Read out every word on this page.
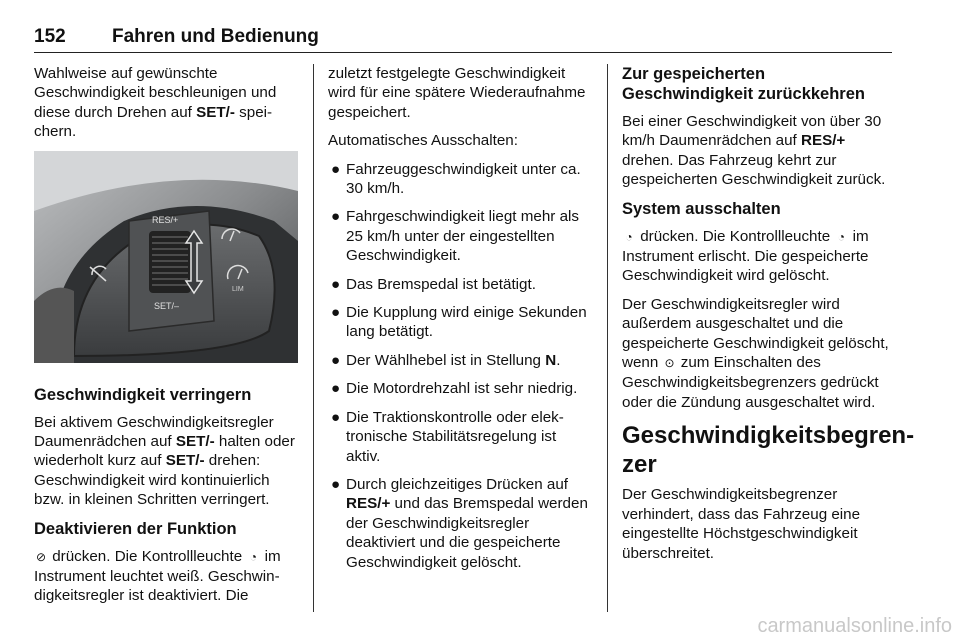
152 Fahren und Bedienung

Wahlweise auf gewünschte Geschwindigkeit beschleunigen und diese durch Drehen auf SET/- speichern.

RES/+
SET/–
LIM
Geschwindigkeit verringern

Bei aktivem Geschwindigkeitsregler Daumenrädchen auf SET/- halten oder wiederholt kurz auf SET/- drehen: Geschwindigkeit wird kontinuierlich bzw. in kleinen Schritten verringert.

Deaktivieren der Funktion

⊘ drücken. Die Kontrollleuchte ◔ im Instrument leuchtet weiß. Geschwindigkeitsregler ist deaktiviert. Die

zuletzt festgelegte Geschwindigkeit wird für eine spätere Wiederaufnahme gespeichert.

Automatisches Ausschalten:

● Fahrzeuggeschwindigkeit unter ca. 30 km/h.
● Fahrgeschwindigkeit liegt mehr als 25 km/h unter der eingestellten Geschwindigkeit.
● Das Bremspedal ist betätigt.
● Die Kupplung wird einige Sekunden lang betätigt.
● Der Wählhebel ist in Stellung N.
● Die Motordrehzahl ist sehr niedrig.
● Die Traktionskontrolle oder elektronische Stabilitätsregelung ist aktiv.
● Durch gleichzeitiges Drücken auf RES/+ und das Bremspedal werden der Geschwindigkeitsregler deaktiviert und die gespeicherte Geschwindigkeit gelöscht.
Zur gespeicherten Geschwindigkeit zurückkehren

Bei einer Geschwindigkeit von über 30 km/h Daumenrädchen auf RES/+ drehen. Das Fahrzeug kehrt zur gespeicherten Geschwindigkeit zurück.

System ausschalten

◔ drücken. Die Kontrollleuchte ◔ im Instrument erlischt. Die gespeicherte Geschwindigkeit wird gelöscht.

Der Geschwindigkeitsregler wird außerdem ausgeschaltet und die gespeicherte Geschwindigkeit gelöscht, wenn ⊙ zum Einschalten des Geschwindigkeitsbegrenzers gedrückt oder die Zündung ausgeschaltet wird.

Geschwindigkeitsbegrenzer

Der Geschwindigkeitsbegrenzer verhindert, dass das Fahrzeug eine eingestellte Höchstgeschwindigkeit überschreitet.

carmanualsonline.info
